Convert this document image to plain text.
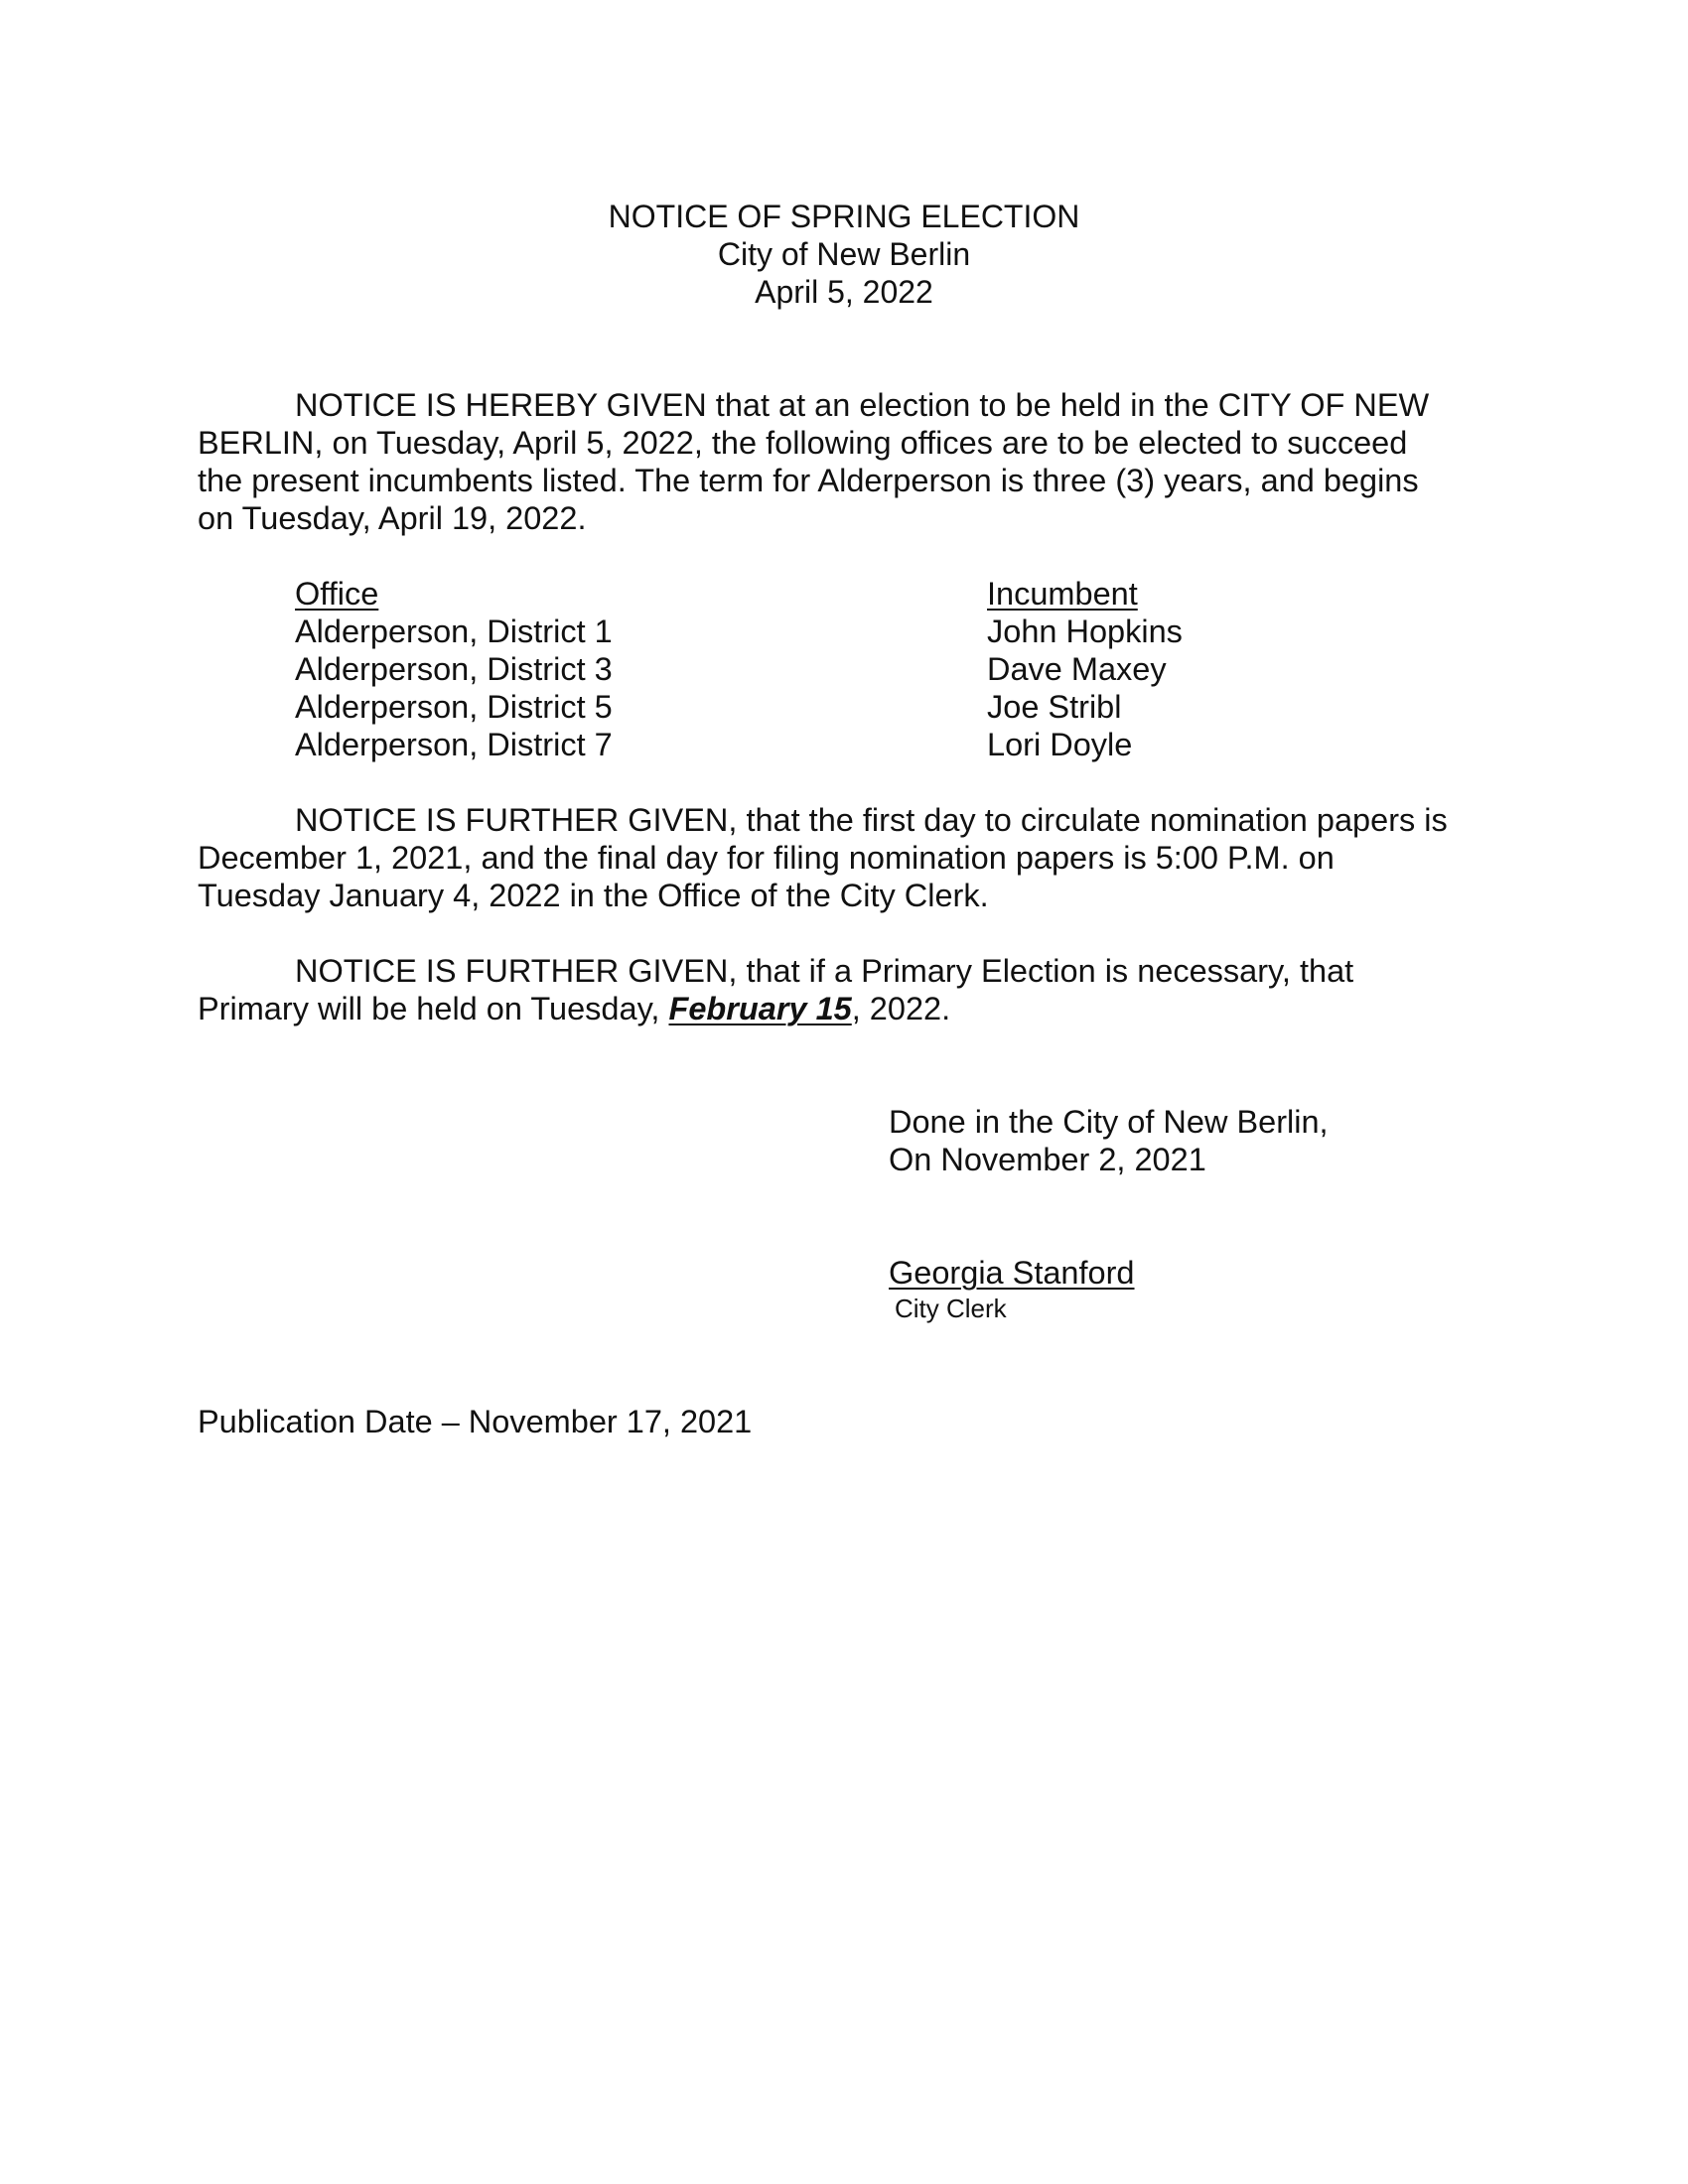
NOTICE OF SPRING ELECTION
City of New Berlin
April 5, 2022
NOTICE IS HEREBY GIVEN that at an election to be held in the CITY OF NEW
BERLIN, on Tuesday, April 5, 2022, the following offices are to be elected to succeed
the present incumbents listed. The term for Alderperson is three (3) years, and begins
on Tuesday, April 19, 2022.
Office	Incumbent
Alderperson, District 1	John Hopkins
Alderperson, District 3	Dave Maxey
Alderperson, District 5	Joe Stribl
Alderperson, District 7	Lori Doyle
NOTICE IS FURTHER GIVEN, that the first day to circulate nomination papers is
December 1, 2021, and the final day for filing nomination papers is 5:00 P.M. on
Tuesday January 4, 2022 in the Office of the City Clerk.
NOTICE IS FURTHER GIVEN, that if a Primary Election is necessary, that
Primary will be held on Tuesday, February 15, 2022.
Done in the City of New Berlin,
On November 2, 2021
Georgia Stanford
City Clerk
Publication Date – November 17, 2021
